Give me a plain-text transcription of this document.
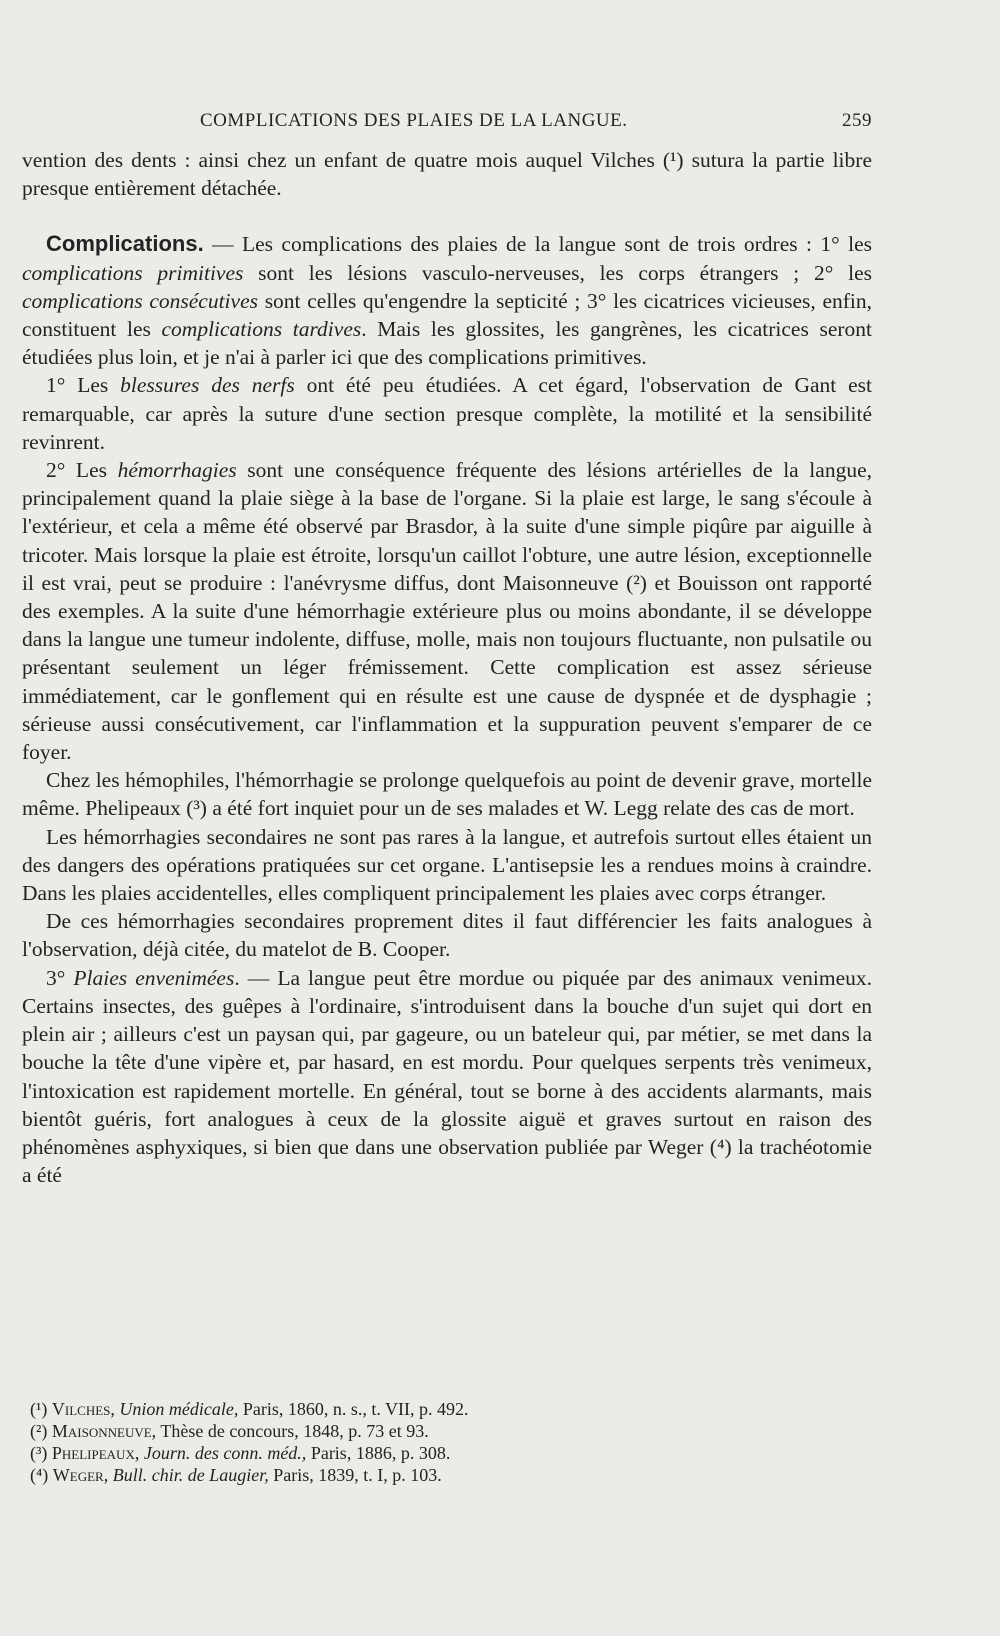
COMPLICATIONS DES PLAIES DE LA LANGUE.	259

vention des dents : ainsi chez un enfant de quatre mois auquel Vilches (¹) sutura la partie libre presque entièrement détachée.

Complications. — Les complications des plaies de la langue sont de trois ordres : 1° les complications primitives sont les lésions vasculo-nerveuses, les corps étrangers ; 2° les complications consécutives sont celles qu'engendre la septicité ; 3° les cicatrices vicieuses, enfin, constituent les complications tardives. Mais les glossites, les gangrènes, les cicatrices seront étudiées plus loin, et je n'ai à parler ici que des complications primitives.

1° Les blessures des nerfs ont été peu étudiées. A cet égard, l'observation de Gant est remarquable, car après la suture d'une section presque complète, la motilité et la sensibilité revinrent.

2° Les hémorrhagies sont une conséquence fréquente des lésions artérielles de la langue, principalement quand la plaie siège à la base de l'organe. Si la plaie est large, le sang s'écoule à l'extérieur, et cela a même été observé par Brasdor, à la suite d'une simple piqûre par aiguille à tricoter. Mais lorsque la plaie est étroite, lorsqu'un caillot l'obture, une autre lésion, exceptionnelle il est vrai, peut se produire : l'anévrysme diffus, dont Maisonneuve (²) et Bouisson ont rapporté des exemples. A la suite d'une hémorrhagie extérieure plus ou moins abondante, il se développe dans la langue une tumeur indolente, diffuse, molle, mais non toujours fluctuante, non pulsatile ou présentant seulement un léger frémissement. Cette complication est assez sérieuse immédiatement, car le gonflement qui en résulte est une cause de dyspnée et de dysphagie ; sérieuse aussi consécutivement, car l'inflammation et la suppuration peuvent s'emparer de ce foyer.

Chez les hémophiles, l'hémorrhagie se prolonge quelquefois au point de devenir grave, mortelle même. Phelipeaux (³) a été fort inquiet pour un de ses malades et W. Legg relate des cas de mort.

Les hémorrhagies secondaires ne sont pas rares à la langue, et autrefois surtout elles étaient un des dangers des opérations pratiquées sur cet organe. L'antisepsie les a rendues moins à craindre. Dans les plaies accidentelles, elles compliquent principalement les plaies avec corps étranger.

De ces hémorrhagies secondaires proprement dites il faut différencier les faits analogues à l'observation, déjà citée, du matelot de B. Cooper.

3° Plaies envenimées. — La langue peut être mordue ou piquée par des animaux venimeux. Certains insectes, des guêpes à l'ordinaire, s'introduisent dans la bouche d'un sujet qui dort en plein air ; ailleurs c'est un paysan qui, par gageure, ou un bateleur qui, par métier, se met dans la bouche la tête d'une vipère et, par hasard, en est mordu. Pour quelques serpents très venimeux, l'intoxication est rapidement mortelle. En général, tout se borne à des accidents alarmants, mais bientôt guéris, fort analogues à ceux de la glossite aiguë et graves surtout en raison des phénomènes asphyxiques, si bien que dans une observation publiée par Weger (⁴) la trachéotomie a été

(¹) Vilches, Union médicale, Paris, 1860, n. s., t. VII, p. 492.

(²) Maisonneuve, Thèse de concours, 1848, p. 73 et 93.

(³) Phelipeaux, Journ. des conn. méd., Paris, 1886, p. 308.

(⁴) Weger, Bull. chir. de Laugier, Paris, 1839, t. I, p. 103.
